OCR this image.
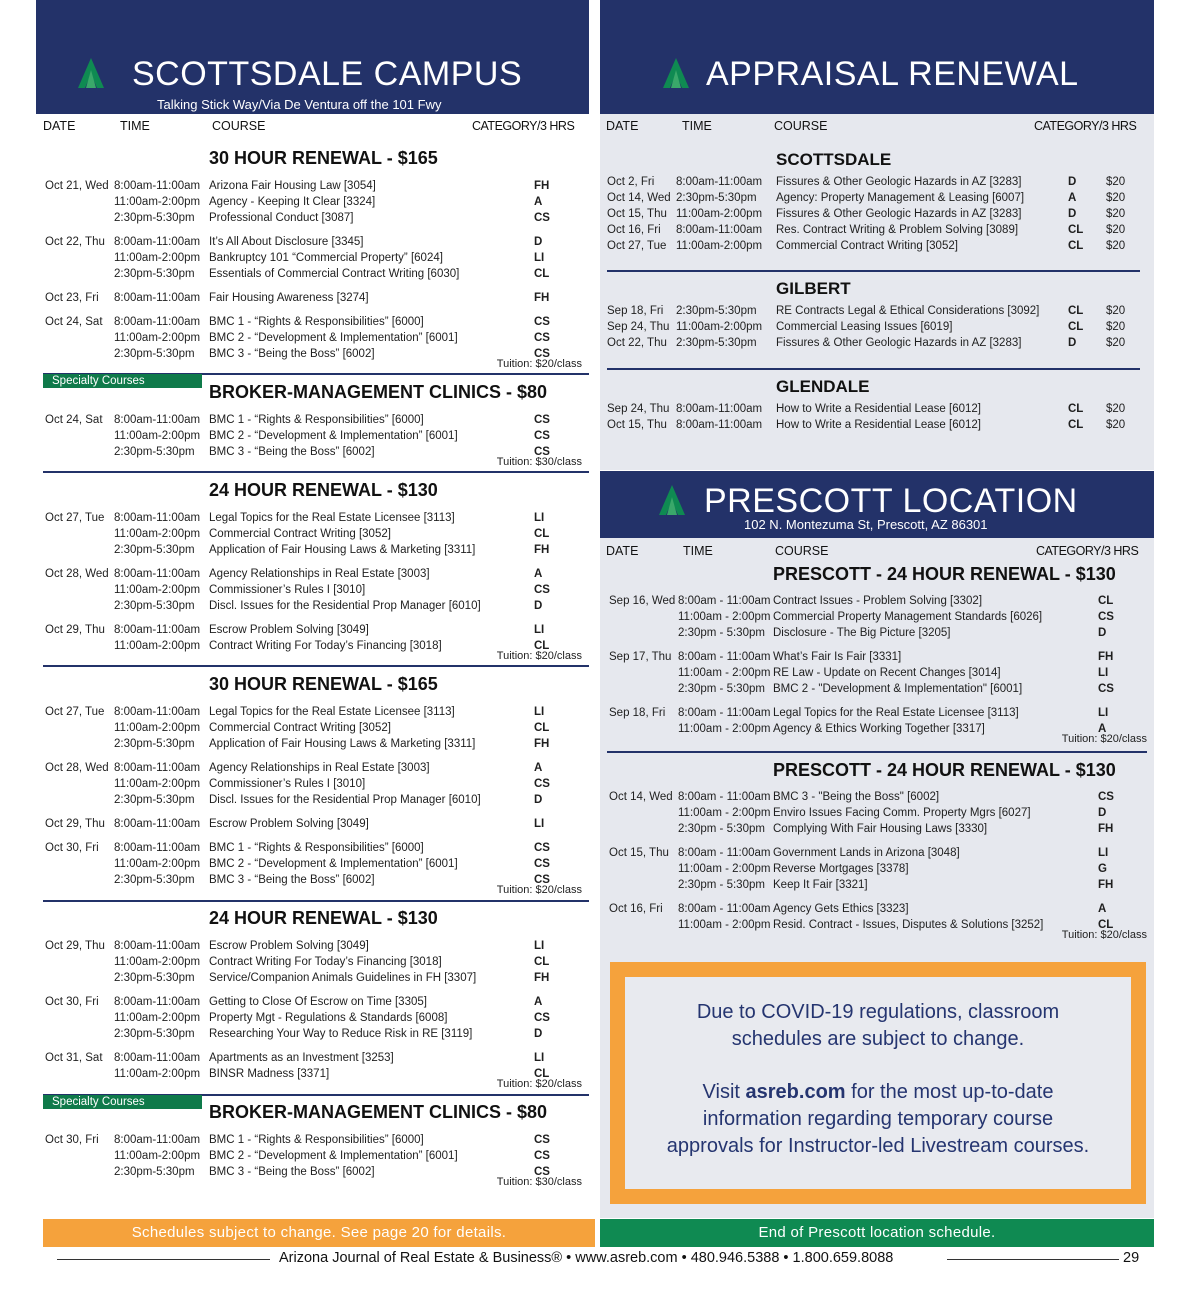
SCOTTSDALE CAMPUS
Talking Stick Way/Via De Ventura off the 101 Fwy
DATE	TIME	COURSE	CATEGORY/3 HRS
30 HOUR RENEWAL - $165
Oct 21, Wed 8:00am-11:00am Arizona Fair Housing Law [3054]	FH
11:00am-2:00pm Agency - Keeping It Clear [3324]	A
2:30pm-5:30pm Professional Conduct [3087]	CS
Oct 22, Thu 8:00am-11:00am It’s All About Disclosure [3345]	D
11:00am-2:00pm Bankruptcy 101 “Commercial Property” [6024]	LI
2:30pm-5:30pm Essentials of Commercial Contract Writing [6030]	CL
Oct 23, Fri 8:00am-11:00am Fair Housing Awareness [3274]	FH
Oct 24, Sat 8:00am-11:00am BMC 1 - “Rights & Responsibilities” [6000]	CS
11:00am-2:00pm BMC 2 - “Development & Implementation” [6001]	CS
2:30pm-5:30pm BMC 3 - “Being the Boss” [6002]	CS
Tuition: $20/class
BROKER-MANAGEMENT CLINICS - $80
Oct 24, Sat 8:00am-11:00am BMC 1 - “Rights & Responsibilities” [6000]	CS
11:00am-2:00pm BMC 2 - “Development & Implementation” [6001]	CS
2:30pm-5:30pm BMC 3 - “Being the Boss” [6002]	CS
Tuition: $30/class
24 HOUR RENEWAL - $130
Oct 27, Tue 8:00am-11:00am Legal Topics for the Real Estate Licensee [3113]	LI
11:00am-2:00pm Commercial Contract Writing [3052]	CL
2:30pm-5:30pm Application of Fair Housing Laws & Marketing [3311]	FH
Oct 28, Wed 8:00am-11:00am Agency Relationships in Real Estate [3003]	A
11:00am-2:00pm Commissioner’s Rules I [3010]	CS
2:30pm-5:30pm Discl. Issues for the Residential Prop Manager [6010]	D
Oct 29, Thu 8:00am-11:00am Escrow Problem Solving [3049]	LI
11:00am-2:00pm Contract Writing For Today’s Financing [3018]	CL
Tuition: $20/class
30 HOUR RENEWAL - $165
Oct 27, Tue 8:00am-11:00am Legal Topics for the Real Estate Licensee [3113]	LI
11:00am-2:00pm Commercial Contract Writing [3052]	CL
2:30pm-5:30pm Application of Fair Housing Laws & Marketing [3311]	FH
Oct 28, Wed 8:00am-11:00am Agency Relationships in Real Estate [3003]	A
11:00am-2:00pm Commissioner’s Rules I [3010]	CS
2:30pm-5:30pm Discl. Issues for the Residential Prop Manager [6010]	D
Oct 29, Thu 8:00am-11:00am Escrow Problem Solving [3049]	LI
Oct 30, Fri 8:00am-11:00am BMC 1 - “Rights & Responsibilities” [6000]	CS
11:00am-2:00pm BMC 2 - “Development & Implementation” [6001]	CS
2:30pm-5:30pm BMC 3 - “Being the Boss” [6002]	CS
Tuition: $20/class
24 HOUR RENEWAL - $130
Oct 29, Thu 8:00am-11:00am Escrow Problem Solving [3049]	LI
11:00am-2:00pm Contract Writing For Today’s Financing [3018]	CL
2:30pm-5:30pm Service/Companion Animals Guidelines in FH [3307]	FH
Oct 30, Fri 8:00am-11:00am Getting to Close Of Escrow on Time [3305]	A
11:00am-2:00pm Property Mgt - Regulations & Standards [6008]	CS
2:30pm-5:30pm Researching Your Way to Reduce Risk in RE [3119]	D
Oct 31, Sat 8:00am-11:00am Apartments as an Investment [3253]	LI
11:00am-2:00pm BINSR Madness [3371]	CL
Tuition: $20/class
BROKER-MANAGEMENT CLINICS - $80
Oct 30, Fri 8:00am-11:00am BMC 1 - “Rights & Responsibilities” [6000]	CS
11:00am-2:00pm BMC 2 - “Development & Implementation” [6001]	CS
2:30pm-5:30pm BMC 3 - “Being the Boss” [6002]	CS
Tuition: $30/class
Specialty Courses
Specialty Courses
APPRAISAL RENEWAL
DATE	TIME	COURSE	CATEGORY/3 HRS
SCOTTSDALE
Oct 2, Fri 8:00am-11:00am Fissures & Other Geologic Hazards in AZ [3283]	D	$20
Oct 14, Wed 2:30pm-5:30pm Agency: Property Management & Leasing [6007]	A	$20
Oct 15, Thu 11:00am-2:00pm Fissures & Other Geologic Hazards in AZ [3283]	D	$20
Oct 16, Fri 8:00am-11:00am Res. Contract Writing & Problem Solving [3089]	CL $20
Oct 27, Tue 11:00am-2:00pm Commercial Contract Writing [3052]	CL $20
GILBERT
Sep 18, Fri 2:30pm-5:30pm RE Contracts Legal & Ethical Considerations [3092] CL $20
Sep 24, Thu 11:00am-2:00pm Commercial Leasing Issues [6019]	CL $20
Oct 22, Thu 2:30pm-5:30pm Fissures & Other Geologic Hazards in AZ [3283]	D	$20
GLENDALE
Sep 24, Thu 8:00am-11:00am How to Write a Residential Lease [6012]	CL $20
Oct 15, Thu 8:00am-11:00am How to Write a Residential Lease [6012]	CL $20
PRESCOTT LOCATION
102 N. Montezuma St, Prescott, AZ 86301
DATE	TIME	COURSE	CATEGORY/3 HRS
PRESCOTT - 24 HOUR RENEWAL - $130
Sep 16, Wed 8:00am - 11:00am Contract Issues - Problem Solving [3302]	CL
11:00am - 2:00pm Commercial Property Management Standards [6026]	CS
2:30pm - 5:30pm Disclosure - The Big Picture [3205]	D
Sep 17, Thu 8:00am - 11:00am What’s Fair Is Fair [3331]	FH
11:00am - 2:00pm RE Law - Update on Recent Changes [3014]	LI
2:30pm - 5:30pm BMC 2 - "Development & Implementation" [6001]	CS
Sep 18, Fri 8:00am - 11:00am Legal Topics for the Real Estate Licensee [3113]	LI
11:00am - 2:00pm Agency & Ethics Working Together [3317]	A
Tuition: $20/class
PRESCOTT - 24 HOUR RENEWAL - $130
Oct 14, Wed 8:00am - 11:00am BMC 3 - "Being the Boss" [6002]	CS
11:00am - 2:00pm Enviro Issues Facing Comm. Property Mgrs [6027]	D
2:30pm - 5:30pm Complying With Fair Housing Laws [3330]	FH
Oct 15, Thu 8:00am - 11:00am Government Lands in Arizona [3048]	LI
11:00am - 2:00pm Reverse Mortgages [3378]	G
2:30pm - 5:30pm Keep It Fair [3321]	FH
Oct 16, Fri 8:00am - 11:00am Agency Gets Ethics [3323]	A
11:00am - 2:00pm Resid. Contract - Issues, Disputes & Solutions [3252]	CL
Tuition: $20/class
Due to COVID-19 regulations, classroom
schedules are subject to change.
Visit asreb.com for the most up-to-date
information regarding temporary course
approvals for Instructor-led Livestream courses.
Schedules subject to change. See page 20 for details.	End of Prescott location schedule.
Arizona Journal of Real Estate & Business® • www.asreb.com • 480.946.5388 • 1.800.659.8088	29
